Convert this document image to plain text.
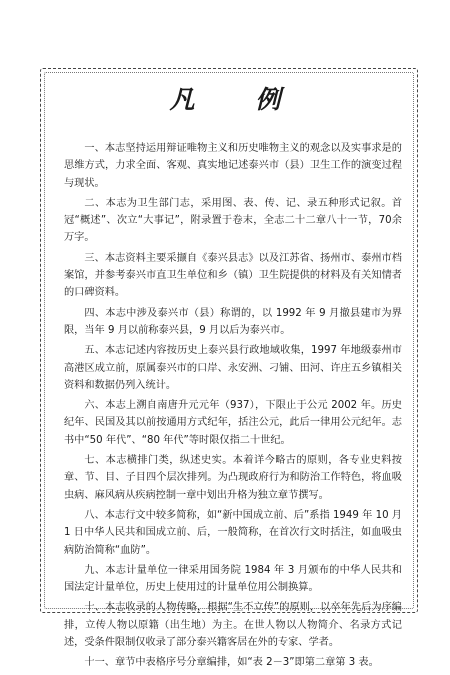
凡 例

一、本志坚持运用辩证唯物主义和历史唯物主义的观念以及实事求是的思维方式，力求全面、客观、真实地记述泰兴市（县）卫生工作的演变过程与现状。

二、本志为卫生部门志，采用图、表、传、记、录五种形式记叙。首冠“概述”、次立“大事记”，附录置于卷末，全志二十二章八十一节，70余万字。

三、本志资料主要采撷自《泰兴县志》以及江苏省、扬州市、泰州市档案馆，并参考泰兴市直卫生单位和乡（镇）卫生院提供的材料及有关知情者的口碑资料。

四、本志中涉及泰兴市（县）称谓的，以 1992 年 9 月撤县建市为界限，当年 9 月以前称泰兴县，9 月以后为泰兴市。

五、本志记述内容按历史上泰兴县行政地域收集，1997 年地级泰州市高港区成立前，原属泰兴市的口岸、永安洲、刁铺、田河、许庄五乡镇相关资料和数据仍列入统计。

六、本志上溯自南唐升元元年（937），下限止于公元 2002 年。历史纪年、民国及其以前按通用方式纪年，括注公元，此后一律用公元纪年。志书中“50 年代”、“80 年代”等时限仅指二十世纪。

七、本志横排门类，纵述史实。本着详今略古的原则，各专业史料按章、节、目、子目四个层次排列。为凸现政府行为和防治工作特色，将血吸虫病、麻风病从疾病控制一章中划出升格为独立章节撰写。

八、本志行文中较多简称，如“新中国成立前、后”系指 1949 年 10 月 1 日中华人民共和国成立前、后，一般简称，在首次行文时括注，如血吸虫病防治简称“血防”。

九、本志计量单位一律采用国务院 1984 年 3 月颁布的中华人民共和国法定计量单位，历史上使用过的计量单位用公制换算。

十、本志收录的人物传略，根据“生不立传”的原则，以卒年先后为序编排，立传人物以原籍（出生地）为主。在世人物以人物简介、名录方式记述，受条件限制仅收录了部分泰兴籍客居在外的专家、学者。

十一、章节中表格序号分章编排，如“表 2－3”即第二章第 3 表。
